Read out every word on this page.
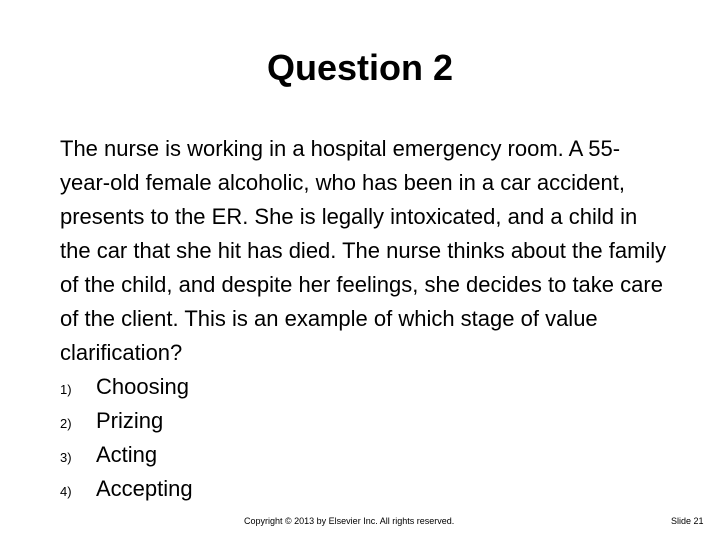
Question 2

The nurse is working in a hospital emergency room. A 55-year-old female alcoholic, who has been in a car accident, presents to the ER. She is legally intoxicated, and a child in the car that she hit has died. The nurse thinks about the family of the child, and despite her feelings, she decides to take care of the client. This is an example of which stage of value clarification?

1)	Choosing
2)	Prizing
3)	Acting
4)	Accepting
Copyright © 2013 by Elsevier Inc. All rights reserved.	Slide 21
